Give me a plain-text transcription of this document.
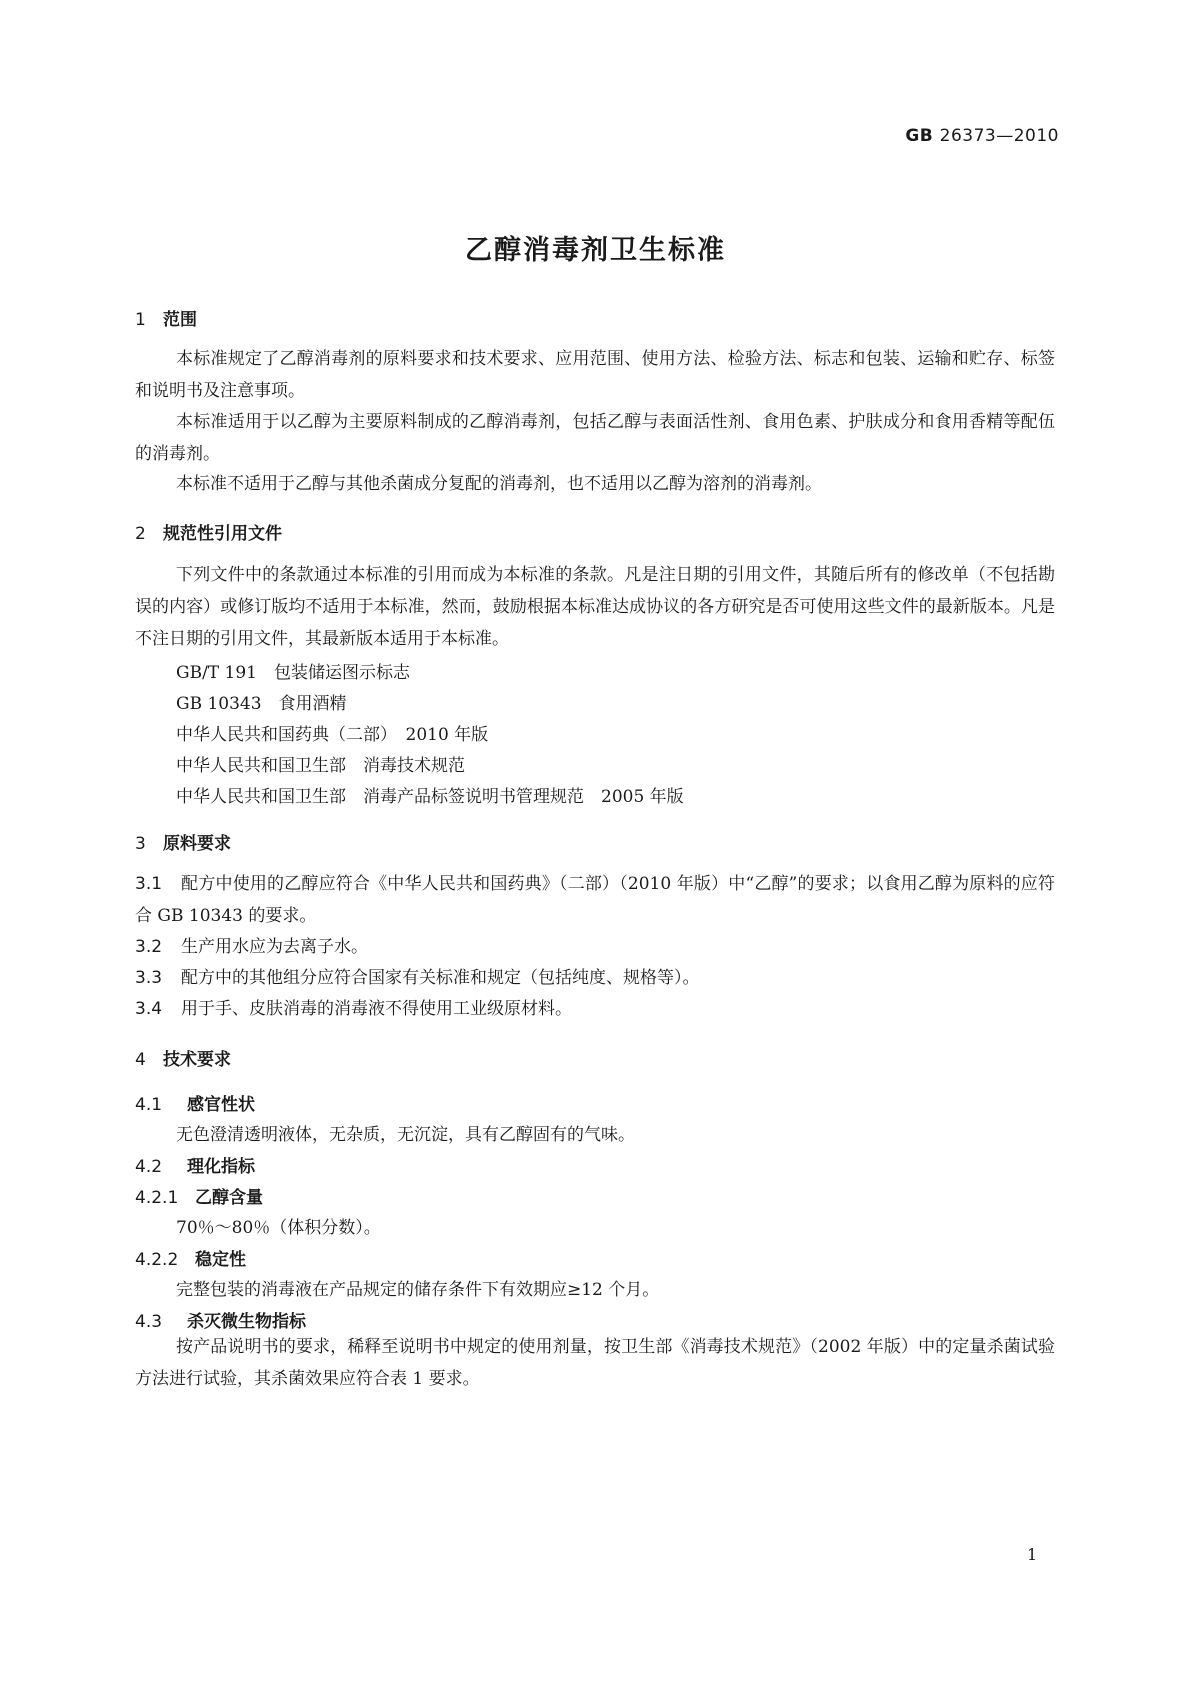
GB 26373—2010
乙醇消毒剂卫生标准
1 范围
本标准规定了乙醇消毒剂的原料要求和技术要求、应用范围、使用方法、检验方法、标志和包装、运输和贮存、标签和说明书及注意事项。
本标准适用于以乙醇为主要原料制成的乙醇消毒剂，包括乙醇与表面活性剂、食用色素、护肤成分和食用香精等配伍的消毒剂。
本标准不适用于乙醇与其他杀菌成分复配的消毒剂，也不适用以乙醇为溶剂的消毒剂。
2 规范性引用文件
下列文件中的条款通过本标准的引用而成为本标准的条款。凡是注日期的引用文件，其随后所有的修改单（不包括勘误的内容）或修订版均不适用于本标准，然而，鼓励根据本标准达成协议的各方研究是否可使用这些文件的最新版本。凡是不注日期的引用文件，其最新版本适用于本标准。
GB/T 191　包装储运图示标志
GB 10343　食用酒精
中华人民共和国药典（二部）　2010 年版
中华人民共和国卫生部　消毒技术规范
中华人民共和国卫生部　消毒产品标签说明书管理规范　2005 年版
3 原料要求
3.1 配方中使用的乙醇应符合《中华人民共和国药典》（二部）（2010 年版）中“乙醇”的要求；以食用乙醇为原料的应符合 GB 10343 的要求。
3.2 生产用水应为去离子水。
3.3 配方中的其他组分应符合国家有关标准和规定（包括纯度、规格等）。
3.4 用于手、皮肤消毒的消毒液不得使用工业级原材料。
4 技术要求
4.1 感官性状
无色澄清透明液体，无杂质，无沉淀，具有乙醇固有的气味。
4.2 理化指标
4.2.1 乙醇含量
70％～80％（体积分数）。
4.2.2 稳定性
完整包装的消毒液在产品规定的储存条件下有效期应≥12 个月。
4.3 杀灭微生物指标
按产品说明书的要求，稀释至说明书中规定的使用剂量，按卫生部《消毒技术规范》（2002 年版）中的定量杀菌试验方法进行试验，其杀菌效果应符合表 1 要求。
1
